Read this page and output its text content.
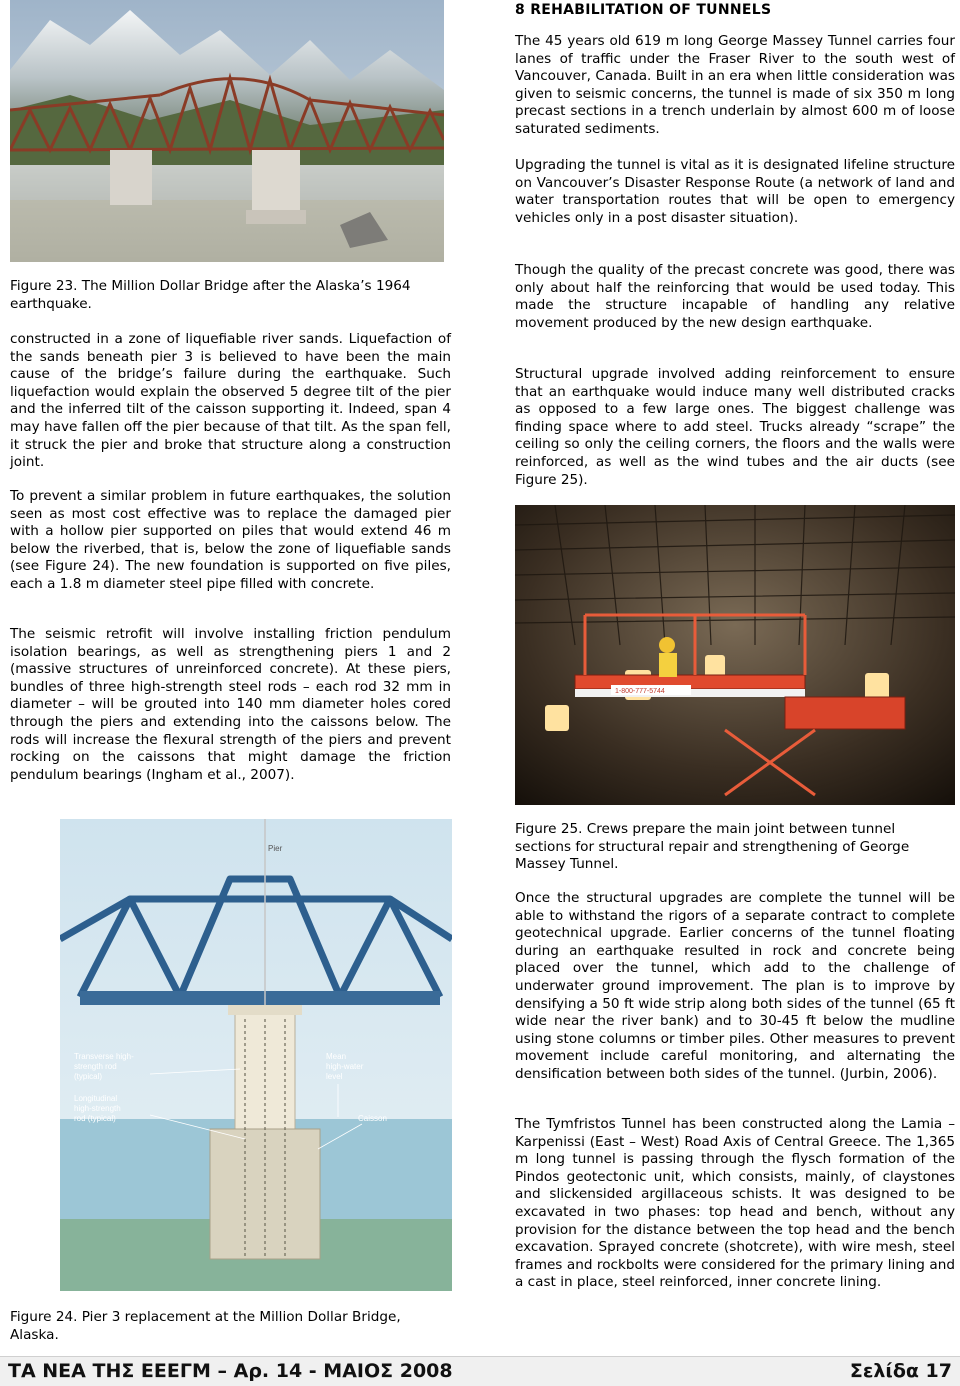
Figure 23. The Million Dollar Bridge after the Alaska’s 1964 earthquake.

constructed in a zone of liquefiable river sands. Liquefaction of the sands beneath pier 3 is believed to have been the main cause of the bridge’s failure during the earthquake. Such liquefaction would explain the observed 5 degree tilt of the pier and the inferred tilt of the caisson supporting it. Indeed, span 4 may have fallen off the pier because of that tilt. As the span fell, it struck the pier and broke that structure along a construction joint.

To prevent a similar problem in future earthquakes, the solution seen as most cost effective was to replace the damaged pier with a hollow pier supported on piles that would extend 46 m below the riverbed, that is, below the zone of liquefiable sands (see Figure 24). The new foundation is supported on five piles, each a 1.8 m diameter steel pipe filled with concrete.

The seismic retrofit will involve installing friction pendulum isolation bearings, as well as strengthening piers 1 and 2 (massive structures of unreinforced concrete). At these piers, bundles of three high-strength steel rods – each rod 32 mm in diameter – will be grouted into 140 mm diameter holes cored through the piers and extending into the caissons below. The rods will increase the flexural strength of the piers and prevent rocking on the caissons that might damage the friction pendulum bearings (Ingham et al., 2007).

Pier
Transverse high-
strength rod
(typical)
Longitudinal
high-strength
rod (typical)
Mean
high-water
level
Caisson

Figure 24. Pier 3 replacement at the Million Dollar Bridge, Alaska.

8 REHABILITATION OF TUNNELS

The 45 years old 619 m long George Massey Tunnel carries four lanes of traffic under the Fraser River to the south west of Vancouver, Canada. Built in an era when little consideration was given to seismic concerns, the tunnel is made of six 350 m long precast sections in a trench underlain by almost 600 m of loose saturated sediments.

Upgrading the tunnel is vital as it is designated lifeline structure on Vancouver’s Disaster Response Route (a network of land and water transportation routes that will be open to emergency vehicles only in a post disaster situation).

Though the quality of the precast concrete was good, there was only about half the reinforcing that would be used today. This made the structure incapable of handling any relative movement produced by the new design earthquake.

Structural upgrade involved adding reinforcement to ensure that an earthquake would induce many well distributed cracks as opposed to a few large ones. The biggest challenge was finding space where to add steel. Trucks already “scrape” the ceiling so only the ceiling corners, the floors and the walls were reinforced, as well as the wind tubes and the air ducts (see Figure 25).

1-800-777-5744

Figure 25. Crews prepare the main joint between tunnel sections for structural repair and strengthening of George Massey Tunnel.

Once the structural upgrades are complete the tunnel will be able to withstand the rigors of a separate contract to complete geotechnical upgrade. Earlier concerns of the tunnel floating during an earthquake resulted in rock and concrete being placed over the tunnel, which add to the challenge of underwater ground improvement. The plan is to improve by densifying a 50 ft wide strip along both sides of the tunnel (65 ft wide near the river bank) and to 30-45 ft below the mudline using stone columns or timber piles. Other measures to prevent movement include careful monitoring, and alternating the densification between both sides of the tunnel. (Jurbin, 2006).

The Tymfristos Tunnel has been constructed along the Lamia – Karpenissi (East – West) Road Axis of Central Greece. The 1,365 m long tunnel is passing through the flysch formation of the Pindos geotectonic unit, which consists, mainly, of claystones and slickensided argillaceous schists. It was designed to be excavated in two phases: top head and bench, without any provision for the distance between the top head and the bench excavation. Sprayed concrete (shotcrete), with wire mesh, steel frames and rockbolts were considered for the primary lining and a cast in place, steel reinforced, inner concrete lining.

ΤΑ ΝΕΑ ΤΗΣ ΕΕΕΓΜ – Αρ. 14 - ΜΑΙΟΣ 2008	Σελίδα 17
